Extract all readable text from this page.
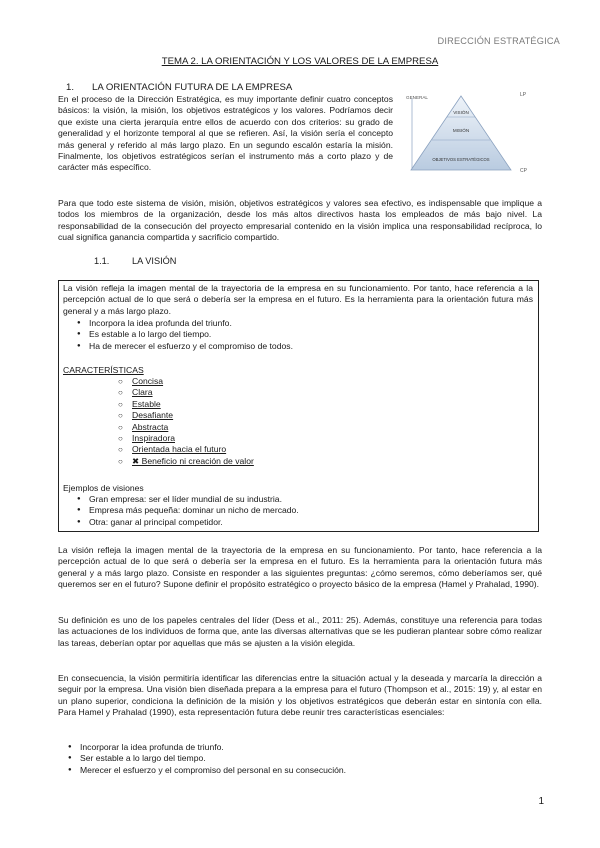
DIRECCIÓN ESTRATÉGICA
TEMA 2. LA ORIENTACIÓN Y LOS VALORES DE LA EMPRESA
1. LA ORIENTACIÓN FUTURA DE LA EMPRESA
En el proceso de la Dirección Estratégica, es muy importante definir cuatro conceptos básicos: la visión, la misión, los objetivos estratégicos y los valores. Podríamos decir que existe una cierta jerarquía entre ellos de acuerdo con dos criterios: su grado de generalidad y el horizonte temporal al que se refieren. Así, la visión sería el concepto más general y referido al más largo plazo. En un segundo escalón estaría la misión. Finalmente, los objetivos estratégicos serían el instrumento más a corto plazo y de carácter más específico.
GENERAL	LP
CP
VISIÓN
MISIÓN
OBJETIVOS ESTRATÉGICOS
Para que todo este sistema de visión, misión, objetivos estratégicos y valores sea efectivo, es indispensable que implique a todos los miembros de la organización, desde los más altos directivos hasta los empleados de más bajo nivel. La responsabilidad de la consecución del proyecto empresarial contenido en la visión implica una responsabilidad recíproca, lo cual significa ganancia compartida y sacrificio compartido.
1.1. LA VISIÓN
La visión refleja la imagen mental de la trayectoria de la empresa en su funcionamiento. Por tanto, hace referencia a la percepción actual de lo que será o debería ser la empresa en el futuro. Es la herramienta para la orientación futura más general y a más largo plazo.
● Incorpora la idea profunda del triunfo.
● Es estable a lo largo del tiempo.
● Ha de merecer el esfuerzo y el compromiso de todos.
CARACTERÍSTICAS
○ Concisa
○ Clara
○ Estable
○ Desafiante
○ Abstracta
○ Inspiradora
○ Orientada hacia el futuro
○ ✖ Beneficio ni creación de valor
Ejemplos de visiones
● Gran empresa: ser el líder mundial de su industria.
● Empresa más pequeña: dominar un nicho de mercado.
● Otra: ganar al principal competidor.
La visión refleja la imagen mental de la trayectoria de la empresa en su funcionamiento. Por tanto, hace referencia a la percepción actual de lo que será o debería ser la empresa en el futuro. Es la herramienta para la orientación futura más general y a más largo plazo. Consiste en responder a las siguientes preguntas: ¿cómo seremos, cómo deberíamos ser, qué queremos ser en el futuro? Supone definir el propósito estratégico o proyecto básico de la empresa (Hamel y Prahalad, 1990).
Su definición es uno de los papeles centrales del líder (Dess et al., 2011: 25). Además, constituye una referencia para todas las actuaciones de los individuos de forma que, ante las diversas alternativas que se les pudieran plantear sobre cómo realizar las tareas, deberían optar por aquellas que más se ajusten a la visión elegida.
En consecuencia, la visión permitiría identificar las diferencias entre la situación actual y la deseada y marcaría la dirección a seguir por la empresa. Una visión bien diseñada prepara a la empresa para el futuro (Thompson et al., 2015: 19) y, al estar en un plano superior, condiciona la definición de la misión y los objetivos estratégicos que deberán estar en sintonía con ella. Para Hamel y Prahalad (1990), esta representación futura debe reunir tres características esenciales:
● Incorporar la idea profunda de triunfo.
● Ser estable a lo largo del tiempo.
● Merecer el esfuerzo y el compromiso del personal en su consecución.
1
